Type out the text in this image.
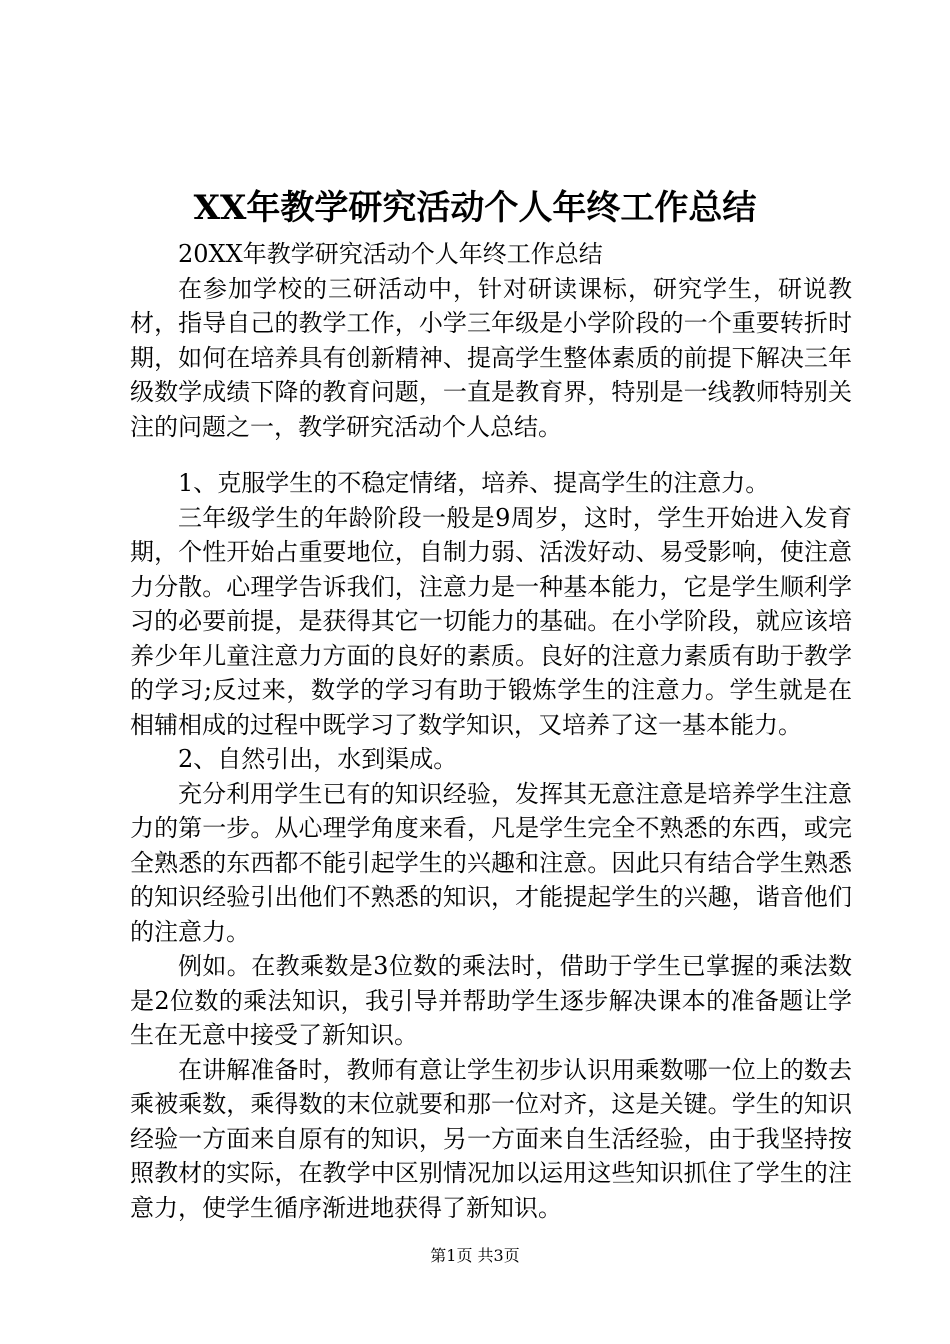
XX年教学研究活动个人年终工作总结

20XX年教学研究活动个人年终工作总结

在参加学校的三研活动中，针对研读课标，研究学生，研说教材，指导自己的教学工作，小学三年级是小学阶段的一个重要转折时期，如何在培养具有创新精神、提高学生整体素质的前提下解决三年级数学成绩下降的教育问题，一直是教育界，特别是一线教师特别关注的问题之一，教学研究活动个人总结。

1、克服学生的不稳定情绪，培养、提高学生的注意力。

三年级学生的年龄阶段一般是9周岁，这时，学生开始进入发育期，个性开始占重要地位，自制力弱、活泼好动、易受影响，使注意力分散。心理学告诉我们，注意力是一种基本能力，它是学生顺利学习的必要前提，是获得其它一切能力的基础。在小学阶段，就应该培养少年儿童注意力方面的良好的素质。良好的注意力素质有助于教学的学习;反过来，数学的学习有助于锻炼学生的注意力。学生就是在相辅相成的过程中既学习了数学知识，又培养了这一基本能力。

2、自然引出，水到渠成。

充分利用学生已有的知识经验，发挥其无意注意是培养学生注意力的第一步。从心理学角度来看，凡是学生完全不熟悉的东西，或完全熟悉的东西都不能引起学生的兴趣和注意。因此只有结合学生熟悉的知识经验引出他们不熟悉的知识，才能提起学生的兴趣，谐音他们的注意力。

例如。在教乘数是3位数的乘法时，借助于学生已掌握的乘法数是2位数的乘法知识，我引导并帮助学生逐步解决课本的准备题让学生在无意中接受了新知识。

在讲解准备时，教师有意让学生初步认识用乘数哪一位上的数去乘被乘数，乘得数的末位就要和那一位对齐，这是关键。学生的知识经验一方面来自原有的知识，另一方面来自生活经验，由于我坚持按照教材的实际，在教学中区别情况加以运用这些知识抓住了学生的注意力，使学生循序渐进地获得了新知识。

第1页 共3页
